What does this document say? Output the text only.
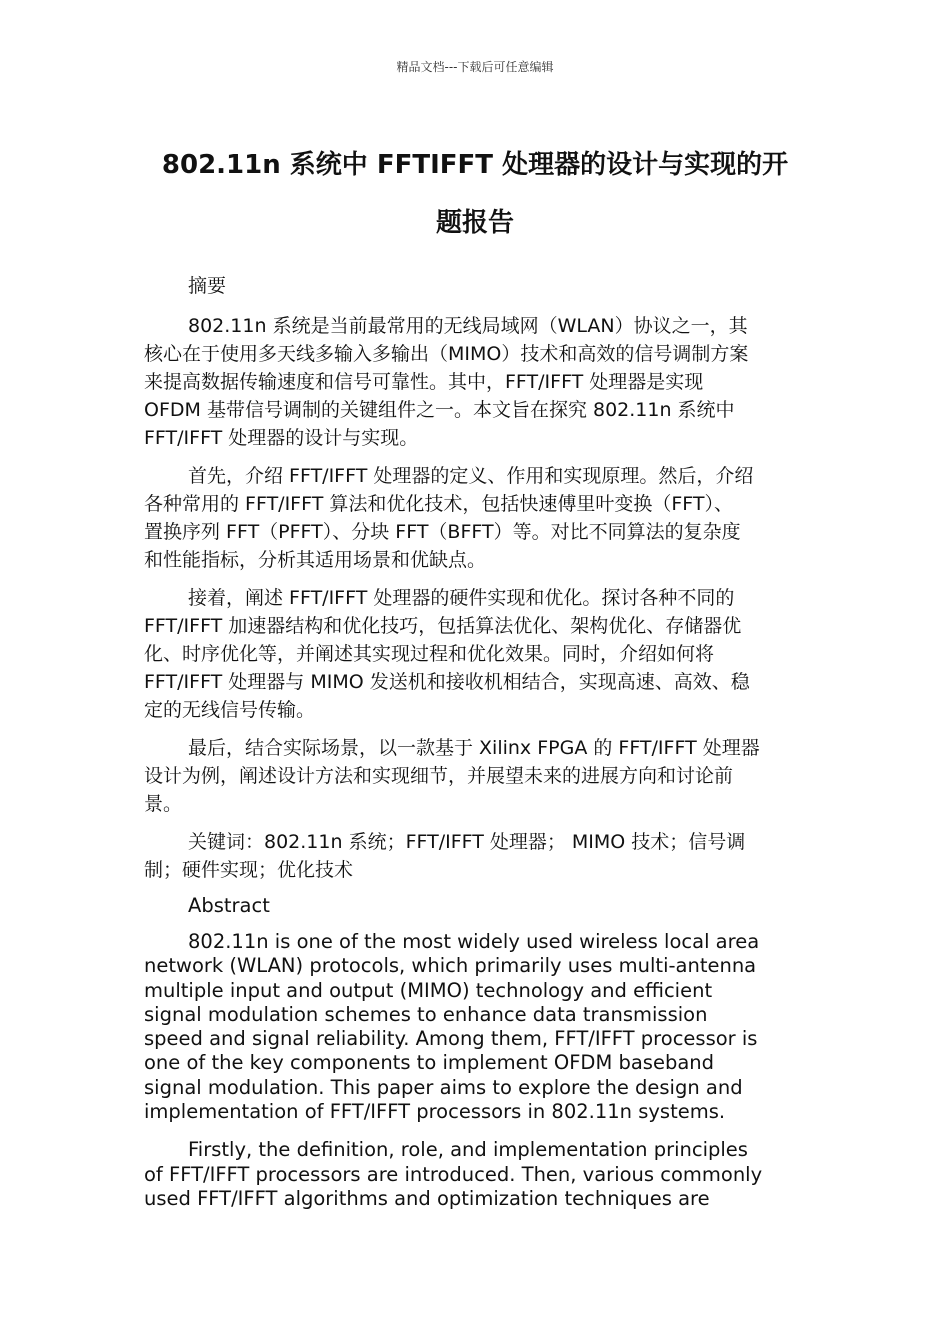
精品文档---下载后可任意编辑
802.11n 系统中 FFTIFFT 处理器的设计与实现的开
题报告

摘要

802.11n 系统是当前最常用的无线局域网（WLAN）协议之一，其
核心在于使用多天线多输入多输出（MIMO）技术和高效的信号调制方案
来提高数据传输速度和信号可靠性。其中，FFT/IFFT 处理器是实现
OFDM 基带信号调制的关键组件之一。本文旨在探究 802.11n 系统中
FFT/IFFT 处理器的设计与实现。

首先，介绍 FFT/IFFT 处理器的定义、作用和实现原理。然后，介绍
各种常用的 FFT/IFFT 算法和优化技术，包括快速傅里叶变换（FFT）、
置换序列 FFT（PFFT）、分块 FFT（BFFT）等。对比不同算法的复杂度
和性能指标，分析其适用场景和优缺点。

接着，阐述 FFT/IFFT 处理器的硬件实现和优化。探讨各种不同的
FFT/IFFT 加速器结构和优化技巧，包括算法优化、架构优化、存储器优
化、时序优化等，并阐述其实现过程和优化效果。同时，介绍如何将
FFT/IFFT 处理器与 MIMO 发送机和接收机相结合，实现高速、高效、稳
定的无线信号传输。

最后，结合实际场景，以一款基于 Xilinx FPGA 的 FFT/IFFT 处理器
设计为例，阐述设计方法和实现细节，并展望未来的进展方向和讨论前
景。

关键词：802.11n 系统；FFT/IFFT 处理器； MIMO 技术；信号调
制；硬件实现；优化技术

Abstract

802.11n is one of the most widely used wireless local area
network (WLAN) protocols, which primarily uses multi-antenna
multiple input and output (MIMO) technology and efficient
signal modulation schemes to enhance data transmission
speed and signal reliability. Among them, FFT/IFFT processor is
one of the key components to implement OFDM baseband
signal modulation. This paper aims to explore the design and
implementation of FFT/IFFT processors in 802.11n systems.

Firstly, the definition, role, and implementation principles
of FFT/IFFT processors are introduced. Then, various commonly
used FFT/IFFT algorithms and optimization techniques are
